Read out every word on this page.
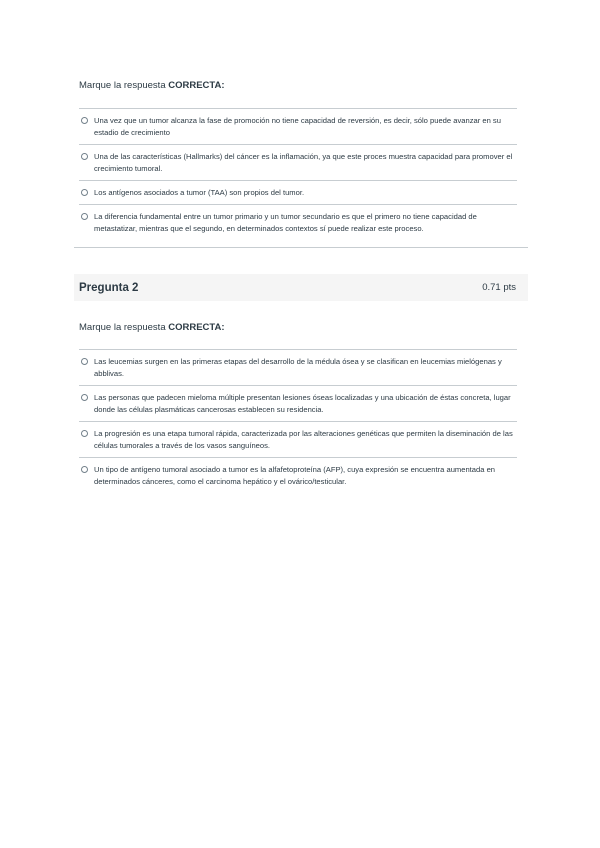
Marque la respuesta CORRECTA:
Una vez que un tumor alcanza la fase de promoción no tiene capacidad de reversión, es decir, sólo puede avanzar en su estadio de crecimiento
Una de las características (Hallmarks) del cáncer es la inflamación, ya que este proces muestra capacidad para promover el crecimiento tumoral.
Los antígenos asociados a tumor (TAA) son propios del tumor.
La diferencia fundamental entre un tumor primario y un tumor secundario es que el primero no tiene capacidad de metastatizar, mientras que el segundo, en determinados contextos sí puede realizar este proceso.
Pregunta 2	0.71 pts
Marque la respuesta CORRECTA:
Las leucemias surgen en las primeras etapas del desarrollo de la médula ósea y se clasifican en leucemias mielógenas y abblivas.
Las personas que padecen mieloma múltiple presentan lesiones óseas localizadas y una ubicación de éstas concreta, lugar donde las células plasmáticas cancerosas establecen su residencia.
La progresión es una etapa tumoral rápida, caracterizada por las alteraciones genéticas que permiten la diseminación de las células tumorales a través de los vasos sanguíneos.
Un tipo de antígeno tumoral asociado a tumor es la alfafetoproteína (AFP), cuya expresión se encuentra aumentada en determinados cánceres, como el carcinoma hepático y el ovárico/testicular.
